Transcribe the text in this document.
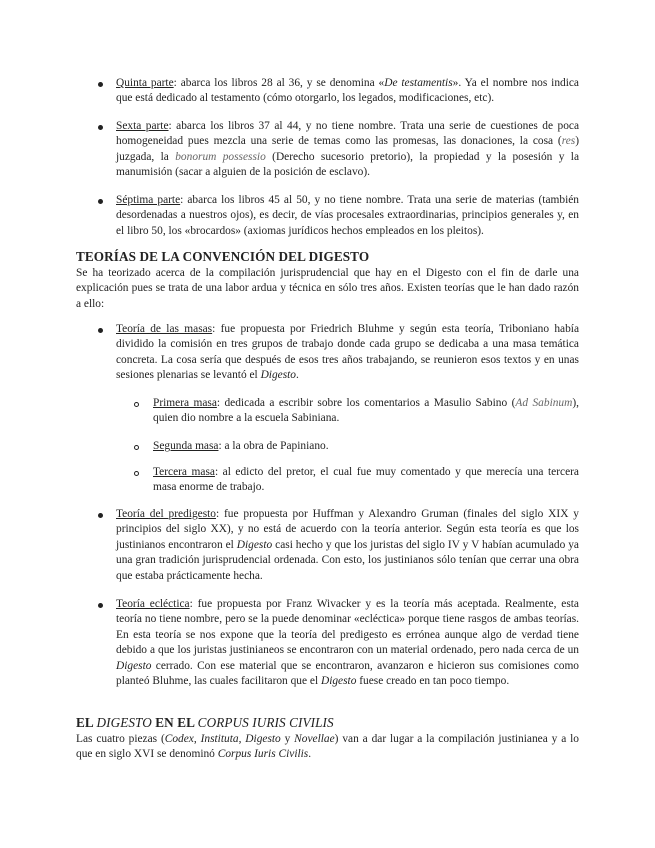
Quinta parte: abarca los libros 28 al 36, y se denomina «De testamentis». Ya el nombre nos indica que está dedicado al testamento (cómo otorgarlo, los legados, modificaciones, etc).

Sexta parte: abarca los libros 37 al 44, y no tiene nombre. Trata una serie de cuestiones de poca homogeneidad pues mezcla una serie de temas como las promesas, las donaciones, la cosa (res) juzgada, la bonorum possessio (Derecho sucesorio pretorio), la propiedad y la posesión y la manumisión (sacar a alguien de la posición de esclavo).

Séptima parte: abarca los libros 45 al 50, y no tiene nombre. Trata una serie de materias (también desordenadas a nuestros ojos), es decir, de vías procesales extraordinarias, principios generales y, en el libro 50, los «brocardos» (axiomas jurídicos hechos empleados en los pleitos).

TEORÍAS DE LA CONVENCIÓN DEL DIGESTO

Se ha teorizado acerca de la compilación jurisprudencial que hay en el Digesto con el fin de darle una explicación pues se trata de una labor ardua y técnica en sólo tres años. Existen teorías que le han dado razón a ello:

Teoría de las masas: fue propuesta por Friedrich Bluhme y según esta teoría, Triboniano había dividido la comisión en tres grupos de trabajo donde cada grupo se dedicaba a una masa temática concreta. La cosa sería que después de esos tres años trabajando, se reunieron esos textos y en unas sesiones plenarias se levantó el Digesto.

Primera masa: dedicada a escribir sobre los comentarios a Masulio Sabino (Ad Sabinum), quien dio nombre a la escuela Sabiniana.

Segunda masa: a la obra de Papiniano.

Tercera masa: al edicto del pretor, el cual fue muy comentado y que merecía una tercera masa enorme de trabajo.

Teoría del predigesto: fue propuesta por Huffman y Alexandro Gruman (finales del siglo XIX y principios del siglo XX), y no está de acuerdo con la teoría anterior. Según esta teoría es que los justinianos encontraron el Digesto casi hecho y que los juristas del siglo IV y V habían acumulado ya una gran tradición jurisprudencial ordenada. Con esto, los justinianos sólo tenían que cerrar una obra que estaba prácticamente hecha.

Teoría ecléctica: fue propuesta por Franz Wivacker y es la teoría más aceptada. Realmente, esta teoría no tiene nombre, pero se la puede denominar «ecléctica» porque tiene rasgos de ambas teorías. En esta teoría se nos expone que la teoría del predigesto es errónea aunque algo de verdad tiene debido a que los juristas justinianeos se encontraron con un material ordenado, pero nada cerca de un Digesto cerrado. Con ese material que se encontraron, avanzaron e hicieron sus comisiones como planteó Bluhme, las cuales facilitaron que el Digesto fuese creado en tan poco tiempo.

EL DIGESTO EN EL CORPUS IURIS CIVILIS

Las cuatro piezas (Codex, Instituta, Digesto y Novellae) van a dar lugar a la compilación justinianea y a lo que en siglo XVI se denominó Corpus Iuris Civilis.
